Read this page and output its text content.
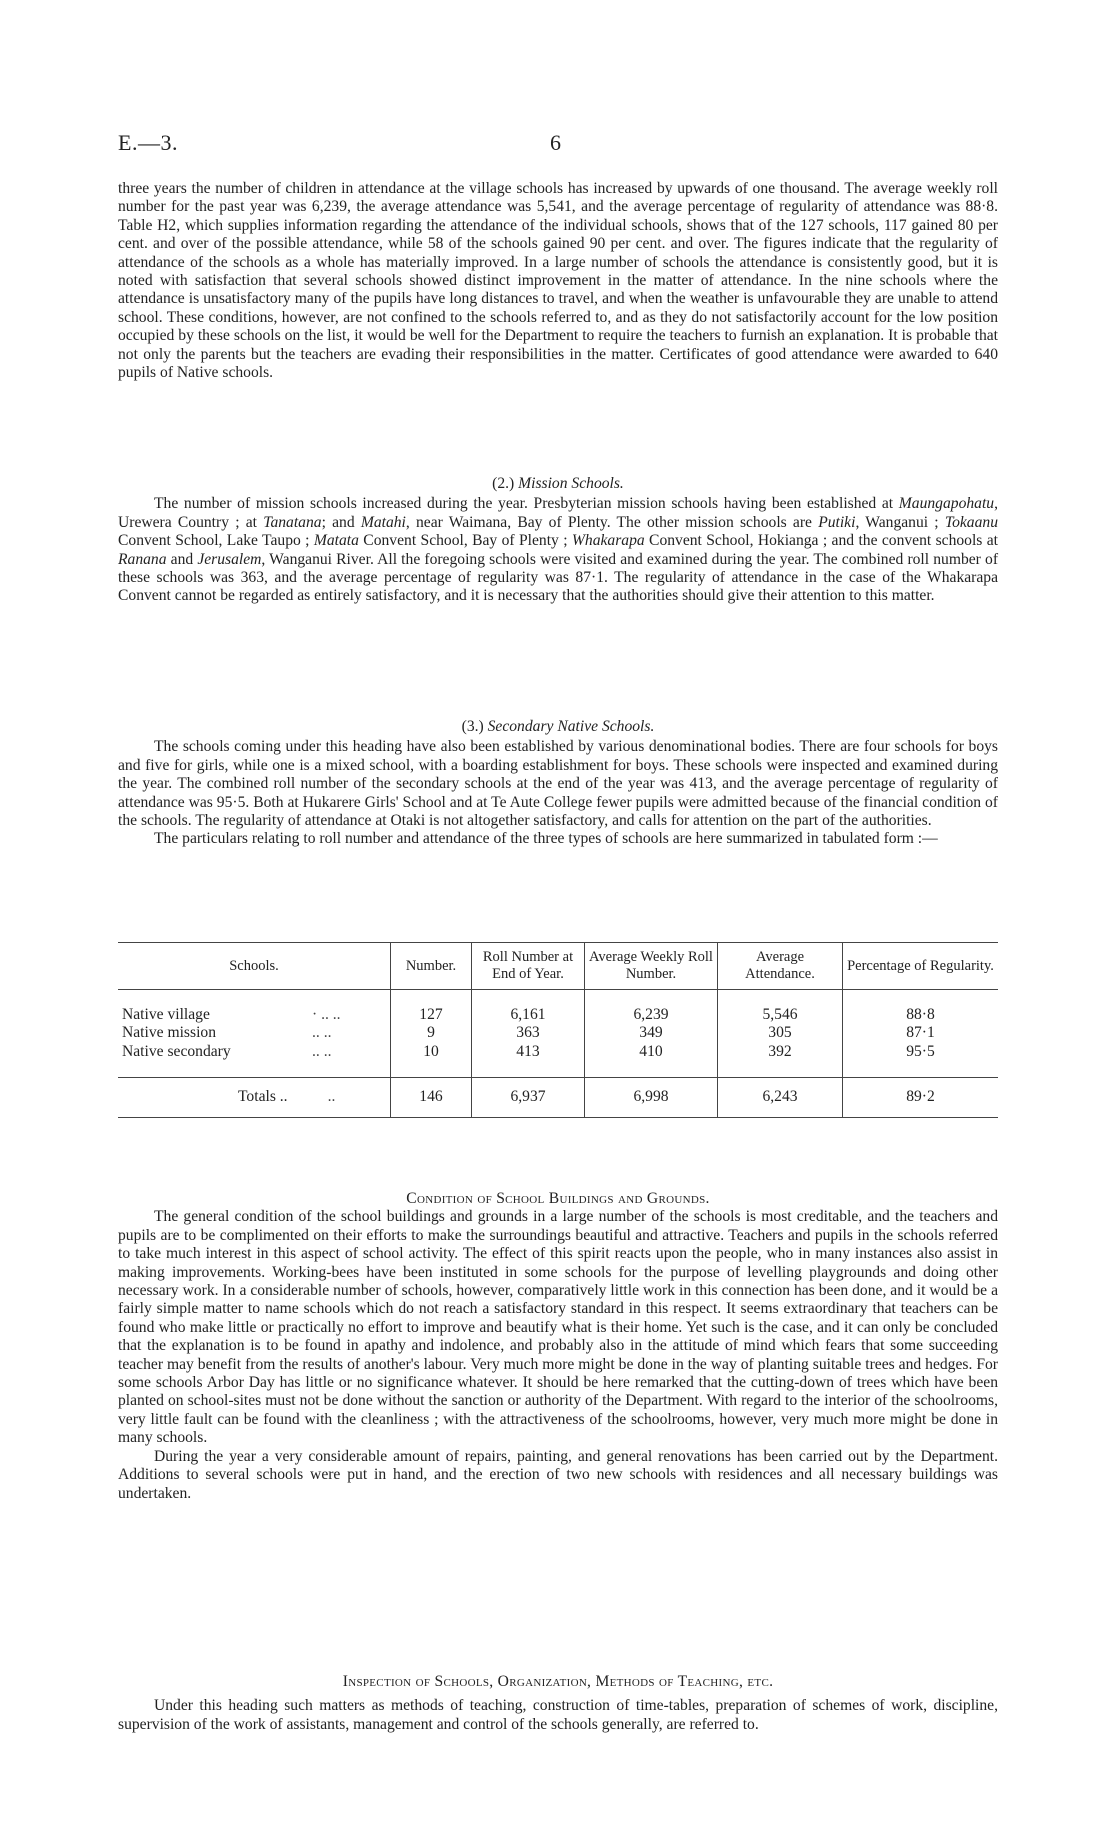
E.—3.	6

three years the number of children in attendance at the village schools has increased by upwards of one thousand. The average weekly roll number for the past year was 6,239, the average attendance was 5,541, and the average percentage of regularity of attendance was 88·8. Table H2, which supplies information regarding the attendance of the individual schools, shows that of the 127 schools, 117 gained 80 per cent. and over of the possible attendance, while 58 of the schools gained 90 per cent. and over. The figures indicate that the regularity of attendance of the schools as a whole has materially improved. In a large number of schools the attendance is consistently good, but it is noted with satisfaction that several schools showed distinct improvement in the matter of attendance. In the nine schools where the attendance is unsatisfactory many of the pupils have long distances to travel, and when the weather is unfavourable they are unable to attend school. These conditions, however, are not confined to the schools referred to, and as they do not satisfactorily account for the low position occupied by these schools on the list, it would be well for the Department to require the teachers to furnish an explanation. It is probable that not only the parents but the teachers are evading their responsibilities in the matter. Certificates of good attendance were awarded to 640 pupils of Native schools.

(2.) Mission Schools.

The number of mission schools increased during the year. Presbyterian mission schools having been established at Maungapohatu, Urewera Country ; at Tanatana; and Matahi, near Waimana, Bay of Plenty. The other mission schools are Putiki, Wanganui ; Tokaanu Convent School, Lake Taupo ; Matata Convent School, Bay of Plenty ; Whakarapa Convent School, Hokianga ; and the convent schools at Ranana and Jerusalem, Wanganui River. All the foregoing schools were visited and examined during the year. The combined roll number of these schools was 363, and the average percentage of regularity was 87·1. The regularity of attendance in the case of the Whakarapa Convent cannot be regarded as entirely satisfactory, and it is necessary that the authorities should give their attention to this matter.

(3.) Secondary Native Schools.

The schools coming under this heading have also been established by various denominational bodies. There are four schools for boys and five for girls, while one is a mixed school, with a boarding establishment for boys. These schools were inspected and examined during the year. The combined roll number of the secondary schools at the end of the year was 413, and the average percentage of regularity of attendance was 95·5. Both at Hukarere Girls' School and at Te Aute College fewer pupils were admitted because of the financial condition of the schools. The regularity of attendance at Otaki is not altogether satisfactory, and calls for attention on the part of the authorities.

The particulars relating to roll number and attendance of the three types of schools are here summarized in tabulated form :—

Schools.	Number.	Roll Number at End of Year.	Average Weekly Roll Number.	Average Attendance.	Percentage of Regularity.

Native village · .. ..	127	6,161	6,239	5,546	88·8
Native mission .. ..	9	363	349	305	87·1
Native secondary .. ..	10	413	410	392	95·5

Totals .. ..	146	6,937	6,998	6,243	89·2

Condition of School Buildings and Grounds.

The general condition of the school buildings and grounds in a large number of the schools is most creditable, and the teachers and pupils are to be complimented on their efforts to make the surroundings beautiful and attractive. Teachers and pupils in the schools referred to take much interest in this aspect of school activity. The effect of this spirit reacts upon the people, who in many instances also assist in making improvements. Working-bees have been instituted in some schools for the purpose of levelling playgrounds and doing other necessary work. In a considerable number of schools, however, comparatively little work in this connection has been done, and it would be a fairly simple matter to name schools which do not reach a satisfactory standard in this respect. It seems extraordinary that teachers can be found who make little or practically no effort to improve and beautify what is their home. Yet such is the case, and it can only be concluded that the explanation is to be found in apathy and indolence, and probably also in the attitude of mind which fears that some succeeding teacher may benefit from the results of another's labour. Very much more might be done in the way of planting suitable trees and hedges. For some schools Arbor Day has little or no significance whatever. It should be here remarked that the cutting-down of trees which have been planted on school-sites must not be done without the sanction or authority of the Department. With regard to the interior of the schoolrooms, very little fault can be found with the cleanliness ; with the attractiveness of the schoolrooms, however, very much more might be done in many schools.

During the year a very considerable amount of repairs, painting, and general renovations has been carried out by the Department. Additions to several schools were put in hand, and the erection of two new schools with residences and all necessary buildings was undertaken.

Inspection of Schools, Organization, Methods of Teaching, etc.

Under this heading such matters as methods of teaching, construction of time-tables, preparation of schemes of work, discipline, supervision of the work of assistants, management and control of the schools generally, are referred to.
